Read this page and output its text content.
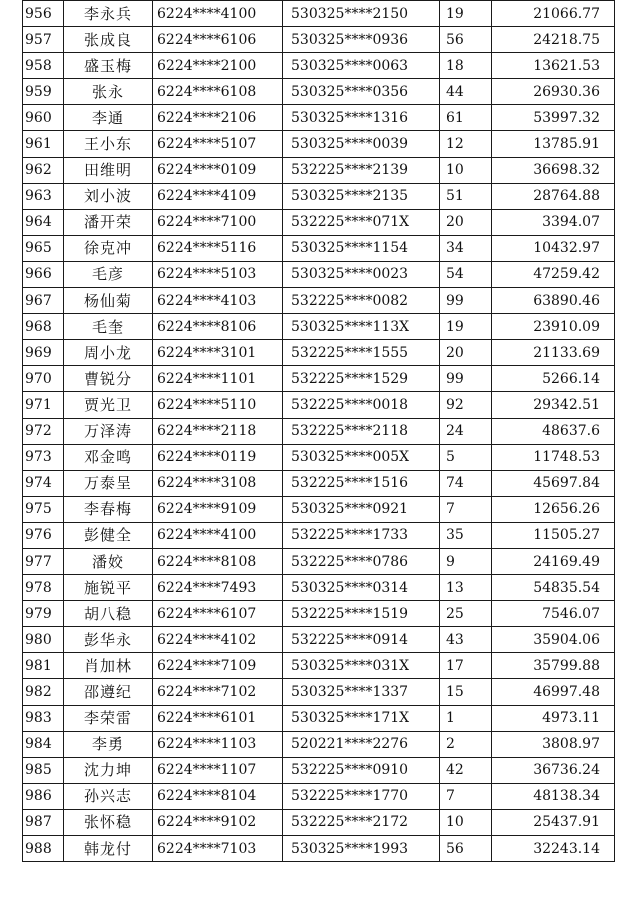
956	李永兵	6224****4100	530325****2150	19	21066.77
957	张成良	6224****6106	530325****0936	56	24218.75
958	盛玉梅	6224****2100	530325****0063	18	13621.53
959	张永	6224****6108	530325****0356	44	26930.36
960	李通	6224****2106	530325****1316	61	53997.32
961	王小东	6224****5107	530325****0039	12	13785.91
962	田维明	6224****0109	532225****2139	10	36698.32
963	刘小波	6224****4109	530325****2135	51	28764.88
964	潘开荣	6224****7100	532225****071X	20	3394.07
965	徐克冲	6224****5116	530325****1154	34	10432.97
966	毛彦	6224****5103	530325****0023	54	47259.42
967	杨仙菊	6224****4103	532225****0082	99	63890.46
968	毛奎	6224****8106	530325****113X	19	23910.09
969	周小龙	6224****3101	532225****1555	20	21133.69
970	曹锐分	6224****1101	532225****1529	99	5266.14
971	贾光卫	6224****5110	532225****0018	92	29342.51
972	万泽涛	6224****2118	532225****2118	24	48637.6
973	邓金鸣	6224****0119	530325****005X	5	11748.53
974	万泰呈	6224****3108	532225****1516	74	45697.84
975	李春梅	6224****9109	530325****0921	7	12656.26
976	彭健全	6224****4100	532225****1733	35	11505.27
977	潘姣	6224****8108	532225****0786	9	24169.49
978	施锐平	6224****7493	530325****0314	13	54835.54
979	胡八稳	6224****6107	532225****1519	25	7546.07
980	彭华永	6224****4102	532225****0914	43	35904.06
981	肖加林	6224****7109	530325****031X	17	35799.88
982	邵遵纪	6224****7102	530325****1337	15	46997.48
983	李荣雷	6224****6101	530325****171X	1	4973.11
984	李勇	6224****1103	520221****2276	2	3808.97
985	沈力坤	6224****1107	532225****0910	42	36736.24
986	孙兴志	6224****8104	532225****1770	7	48138.34
987	张怀稳	6224****9102	532225****2172	10	25437.91
988	韩龙付	6224****7103	530325****1993	56	32243.14
